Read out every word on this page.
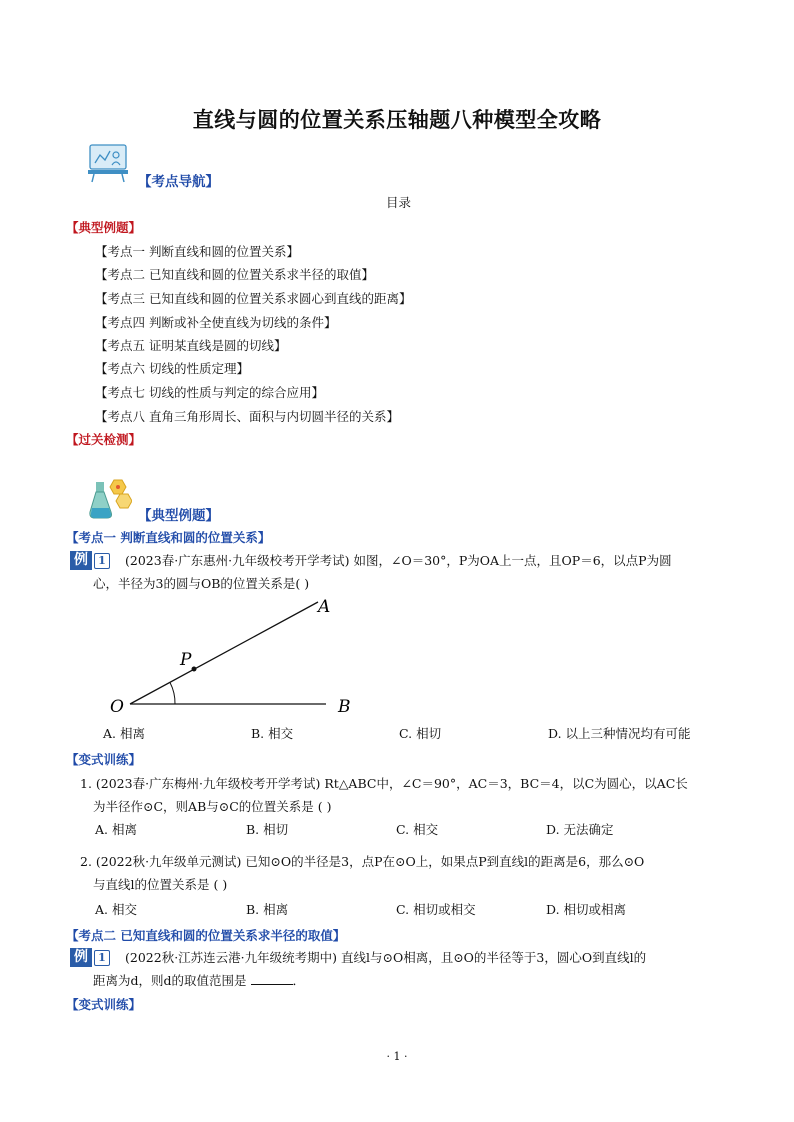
直线与圆的位置关系压轴题八种模型全攻略
【考点导航】
目录
【典型例题】
【考点一 判断直线和圆的位置关系】
【考点二 已知直线和圆的位置关系求半径的取值】
【考点三 已知直线和圆的位置关系求圆心到直线的距离】
【考点四 判断或补全使直线为切线的条件】
【考点五 证明某直线是圆的切线】
【考点六 切线的性质定理】
【考点七 切线的性质与判定的综合应用】
【考点八 直角三角形周长、面积与内切圆半径的关系】
【过关检测】
【典型例题】
【考点一 判断直线和圆的位置关系】
例 1	(2023春·广东惠州·九年级校考开学考试) 如图，∠O＝30°，P为OA上一点，且OP＝6，以点P为圆
心，半径为3的圆与OB的位置关系是( )
O	B
A
P
A. 相离	B. 相交	C. 相切	D. 以上三种情况均有可能
【变式训练】
1. (2023春·广东梅州·九年级校考开学考试) Rt△ABC中，∠C＝90°，AC＝3，BC＝4，以C为圆心，以AC长
为半径作⊙C，则AB与⊙C的位置关系是 ( )
A. 相离	B. 相切	C. 相交	D. 无法确定
2. (2022秋·九年级单元测试) 已知⊙O的半径是3，点P在⊙O上，如果点P到直线l的距离是6，那么⊙O
与直线l的位置关系是 ( )
A. 相交	B. 相离	C. 相切或相交	D. 相切或相离
【考点二 已知直线和圆的位置关系求半径的取值】
例 1	(2022秋·江苏连云港·九年级统考期中) 直线l与⊙O相离，且⊙O的半径等于3，圆心O到直线l的
距离为d，则d的取值范围是	．
【变式训练】
· 1 ·
